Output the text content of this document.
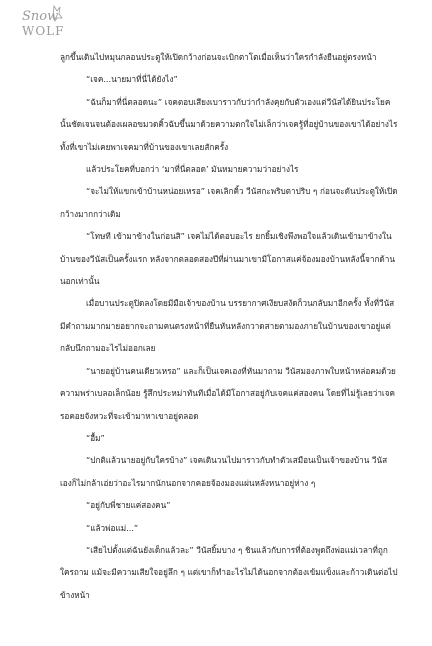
Snow
WOLF

ลูกขึ้นเดินไปหมุนกลอนประตูให้เปิดกว้างก่อนจะเบิกตาโตเมื่อเห็นว่าใครกำลังยืนอยู่ตรงหน้า

“เจค...นายมาที่นี่ได้ยังไง”

“ฉันก็มาที่นี่ตลอดนะ” เจคตอบเสียงเบาราวกับว่ากำลังคุยกับตัวเองแต่วีนัสได้ยินประโยคนั้นชัดเจนจนต้องเผลอขมวดคิ้วฉับขึ้นมาด้วยความตกใจไม่เล็กว่าเจครู้ที่อยู่บ้านของเขาได้อย่างไร ทั้งที่เขาไม่เคยพาเจคมาที่บ้านของเขาเลยสักครั้ง

แล้วประโยคที่บอกว่า ‘มาที่นี่ตลอด’ มันหมายความว่าอย่างไร

“จะไม่ให้แขกเข้าบ้านหน่อยเหรอ” เจคเลิกคิ้ว วีนัสกะพริบตาปริบ ๆ ก่อนจะดันประตูให้เปิดกว้างมากกว่าเดิม

“โทษที เข้ามาข้างในก่อนสิ” เจคไม่ได้ตอบอะไร ยกยิ้มเชิงพึงพอใจแล้วเดินเข้ามาข้างในบ้านของวีนัสเป็นครั้งแรก หลังจากตลอดสองปีที่ผ่านมาเขามีโอกาสแค่จ้องมองบ้านหลังนี้จากด้านนอกเท่านั้น

เมื่อบานประตูปิดลงโดยมีมือเจ้าของบ้าน บรรยากาศเงียบสงัดก็วนกลับมาอีกครั้ง ทั้งที่วีนัสมีคำถามมากมายอยากจะถามคนตรงหน้าที่ยืนหันหลังกวาดสายตามองภายในบ้านของเขาอยู่แต่กลับนึกถามอะไรไม่ออกเลย

“นายอยู่บ้านคนเดียวเหรอ” และก็เป็นเจคเองที่หันมาถาม วีนัสมองภาพใบหน้าหล่อคมด้วยความพร่าเบลอเล็กน้อย รู้สึกประหม่าทันทีเมื่อได้มีโอกาสอยู่กับเจคแค่สองคน โดยที่ไม่รู้เลยว่าเจครอคอยจังหวะที่จะเข้ามาหาเขาอยู่ตลอด

“อื้ม”

“ปกติแล้วนายอยู่กับใครบ้าง” เจคเดินวนไปมาราวกับทำตัวเสมือนเป็นเจ้าของบ้าน วีนัสเองก็ไม่กล้าเอ่ยว่าอะไรมากนักนอกจากคอยจ้องมองแผ่นหลังหนาอยู่ห่าง ๆ

“อยู่กับพี่ชายแค่สองคน”

“แล้วพ่อแม่...”

“เสียไปตั้งแต่ฉันยังเด็กแล้วละ” วีนัสยิ้มบาง ๆ ชินแล้วกับการที่ต้องพูดถึงพ่อแม่เวลาที่ถูกใครถาม แม้จะมีความเสียใจอยู่ลึก ๆ แต่เขาก็ทำอะไรไม่ได้นอกจากต้องเข้มแข็งและก้าวเดินต่อไปข้างหน้า
